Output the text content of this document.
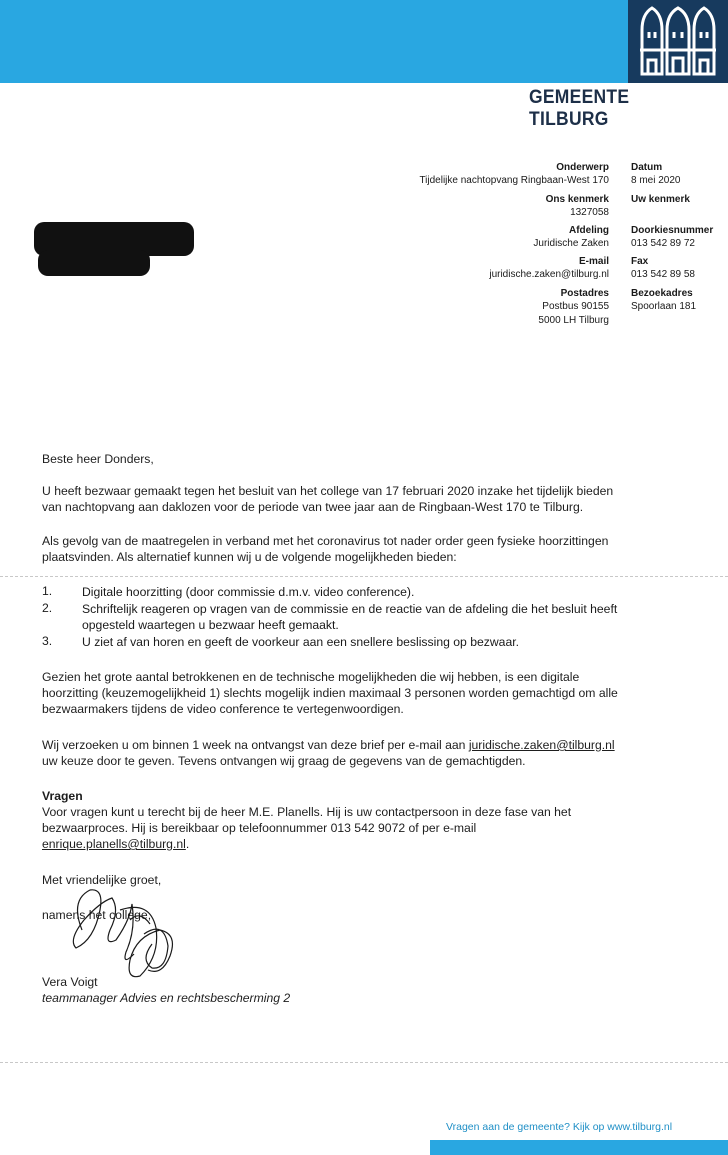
GEMEENTE TILBURG
Onderwerp
Tijdelijke nachtopvang Ringbaan-West 170
Datum
8 mei 2020
Ons kenmerk
1327058
Uw kenmerk
Afdeling
Juridische Zaken
Doorkiesnummer
013 542 89 72
E-mail
juridische.zaken@tilburg.nl
Fax
013 542 89 58
Postadres
Postbus 90155
5000 LH Tilburg
Bezoekadres
Spoorlaan 181
Beste heer Donders,
U heeft bezwaar gemaakt tegen het besluit van het college van 17 februari 2020 inzake het tijdelijk bieden
van nachtopvang aan daklozen voor de periode van twee jaar aan de Ringbaan-West 170 te Tilburg.
Als gevolg van de maatregelen in verband met het coronavirus tot nader order geen fysieke hoorzittingen
plaatsvinden. Als alternatief kunnen wij u de volgende mogelijkheden bieden:
1. Digitale hoorzitting (door commissie d.m.v. video conference).
2. Schriftelijk reageren op vragen van de commissie en de reactie van de afdeling die het besluit heeft
opgesteld waartegen u bezwaar heeft gemaakt.
3. U ziet af van horen en geeft de voorkeur aan een snellere beslissing op bezwaar.
Gezien het grote aantal betrokkenen en de technische mogelijkheden die wij hebben, is een digitale
hoorzitting (keuzemogelijkheid 1) slechts mogelijk indien maximaal 3 personen worden gemachtigd om alle
bezwaarmakers tijdens de video conference te vertegenwoordigen.
Wij verzoeken u om binnen 1 week na ontvangst van deze brief per e-mail aan juridische.zaken@tilburg.nl
uw keuze door te geven. Tevens ontvangen wij graag de gegevens van de gemachtigden.
Vragen
Voor vragen kunt u terecht bij de heer M.E. Planells. Hij is uw contactpersoon in deze fase van het
bezwaarproces. Hij is bereikbaar op telefoonnummer 013 542 9072 of per e-mail
enrique.planells@tilburg.nl.
Met vriendelijke groet,
namens het college,
Vera Voigt
teammanager Advies en rechtsbescherming 2
Vragen aan de gemeente? Kijk op www.tilburg.nl
